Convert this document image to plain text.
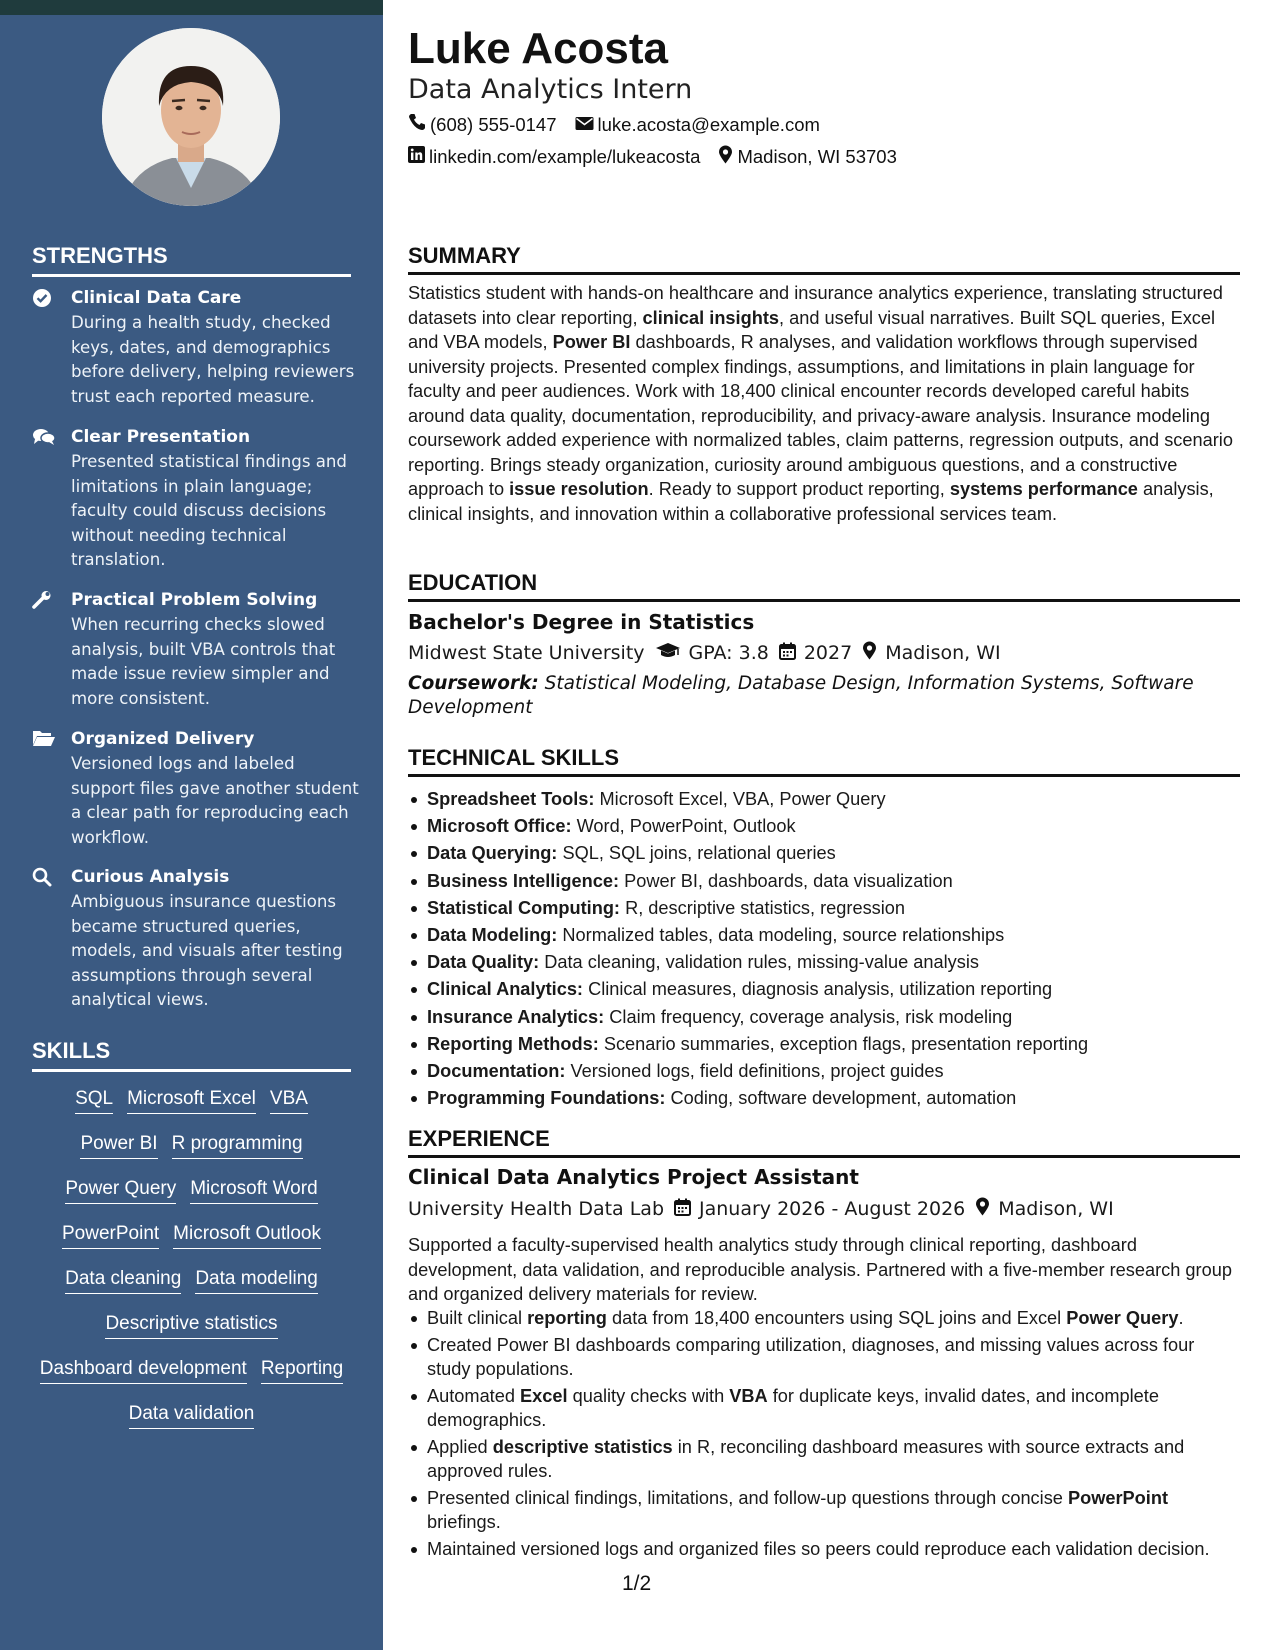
STRENGTHS
Clinical Data Care
During a health study, checked keys, dates, and demographics before delivery, helping reviewers trust each reported measure.
Clear Presentation
Presented statistical findings and limitations in plain language; faculty could discuss decisions without needing technical translation.
Practical Problem Solving
When recurring checks slowed analysis, built VBA controls that made issue review simpler and more consistent.
Organized Delivery
Versioned logs and labeled support files gave another student a clear path for reproducing each workflow.
Curious Analysis
Ambiguous insurance questions became structured queries, models, and visuals after testing assumptions through several analytical views.
SKILLS
SQL Microsoft Excel VBA
Power BI R programming
Power Query Microsoft Word
PowerPoint Microsoft Outlook
Data cleaning Data modeling
Descriptive statistics
Dashboard development Reporting
Data validation
Luke Acosta
Data Analytics Intern
(608) 555-0147 luke.acosta@example.com
linkedin.com/example/lukeacosta Madison, WI 53703
SUMMARY
Statistics student with hands-on healthcare and insurance analytics experience, translating structured datasets into clear reporting, clinical insights, and useful visual narratives. Built SQL queries, Excel and VBA models, Power BI dashboards, R analyses, and validation workflows through supervised university projects. Presented complex findings, assumptions, and limitations in plain language for faculty and peer audiences. Work with 18,400 clinical encounter records developed careful habits around data quality, documentation, reproducibility, and privacy-aware analysis. Insurance modeling coursework added experience with normalized tables, claim patterns, regression outputs, and scenario reporting. Brings steady organization, curiosity around ambiguous questions, and a constructive approach to issue resolution. Ready to support product reporting, systems performance analysis, clinical insights, and innovation within a collaborative professional services team.
EDUCATION
Bachelor's Degree in Statistics
Midwest State University GPA: 3.8 2027 Madison, WI
Coursework: Statistical Modeling, Database Design, Information Systems, Software Development
TECHNICAL SKILLS
Spreadsheet Tools: Microsoft Excel, VBA, Power Query
Microsoft Office: Word, PowerPoint, Outlook
Data Querying: SQL, SQL joins, relational queries
Business Intelligence: Power BI, dashboards, data visualization
Statistical Computing: R, descriptive statistics, regression
Data Modeling: Normalized tables, data modeling, source relationships
Data Quality: Data cleaning, validation rules, missing-value analysis
Clinical Analytics: Clinical measures, diagnosis analysis, utilization reporting
Insurance Analytics: Claim frequency, coverage analysis, risk modeling
Reporting Methods: Scenario summaries, exception flags, presentation reporting
Documentation: Versioned logs, field definitions, project guides
Programming Foundations: Coding, software development, automation
EXPERIENCE
Clinical Data Analytics Project Assistant
University Health Data Lab January 2026 - August 2026 Madison, WI
Supported a faculty-supervised health analytics study through clinical reporting, dashboard development, data validation, and reproducible analysis. Partnered with a five-member research group and organized delivery materials for review.
Built clinical reporting data from 18,400 encounters using SQL joins and Excel Power Query.
Created Power BI dashboards comparing utilization, diagnoses, and missing values across four study populations.
Automated Excel quality checks with VBA for duplicate keys, invalid dates, and incomplete demographics.
Applied descriptive statistics in R, reconciling dashboard measures with source extracts and approved rules.
Presented clinical findings, limitations, and follow-up questions through concise PowerPoint briefings.
Maintained versioned logs and organized files so peers could reproduce each validation decision.
1/2
